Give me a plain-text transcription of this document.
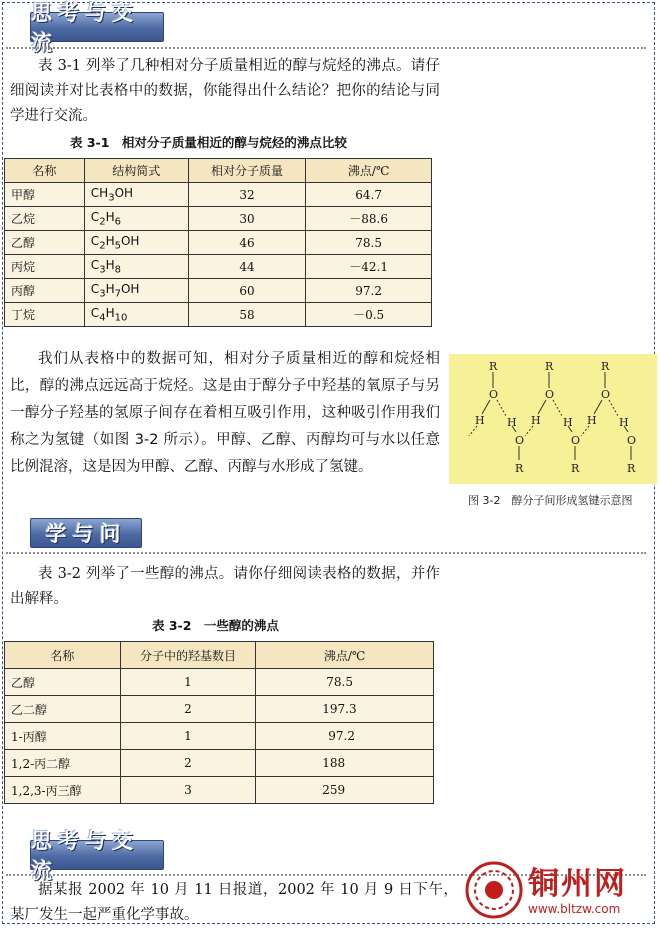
思考与交流

表 3-1 列举了几种相对分子质量相近的醇与烷烃的沸点。请仔细阅读并对比表格中的数据，你能得出什么结论？把你的结论与同学进行交流。

表 3-1　相对分子质量相近的醇与烷烃的沸点比较
名称	结构简式	相对分子质量	沸点/℃
甲醇	$CH_3OH$	32	64.7
乙烷	$C_2H_6$	30	－88.6
乙醇	$C_2H_5OH$	46	78.5
丙烷	$C_3H_8$	44	－42.1
丙醇	$C_3H_7OH$	60	97.2
丁烷	$C_4H_{10}$	58	－0.5

我们从表格中的数据可知，相对分子质量相近的醇和烷烃相比，醇的沸点远远高于烷烃。这是由于醇分子中羟基的氧原子与另一醇分子羟基的氢原子间存在着相互吸引作用，这种吸引作用我们称之为氢键（如图 3-2 所示）。甲醇、乙醇、丙醇均可与水以任意比例混溶，这是因为甲醇、乙醇、丙醇与水形成了氢键。

R
O
H H
O
R
R
O
H H
O
R
R
O
H H
O
R
图 3-2　醇分子间形成氢键示意图
学与问

表 3-2 列举了一些醇的沸点。请你仔细阅读表格的数据，并作出解释。

表 3-2　一些醇的沸点
名称	分子中的羟基数目	沸点/℃
乙醇	1	78.5
乙二醇	2	197.3
1-丙醇	1	97.2
1,2-丙二醇	2	188
1,2,3-丙三醇	3	259
思考与交流

据某报 2002 年 10 月 11 日报道，2002 年 10 月 9 日下午，某厂发生一起严重化学事故。

铜州网
www.bltzw.com
